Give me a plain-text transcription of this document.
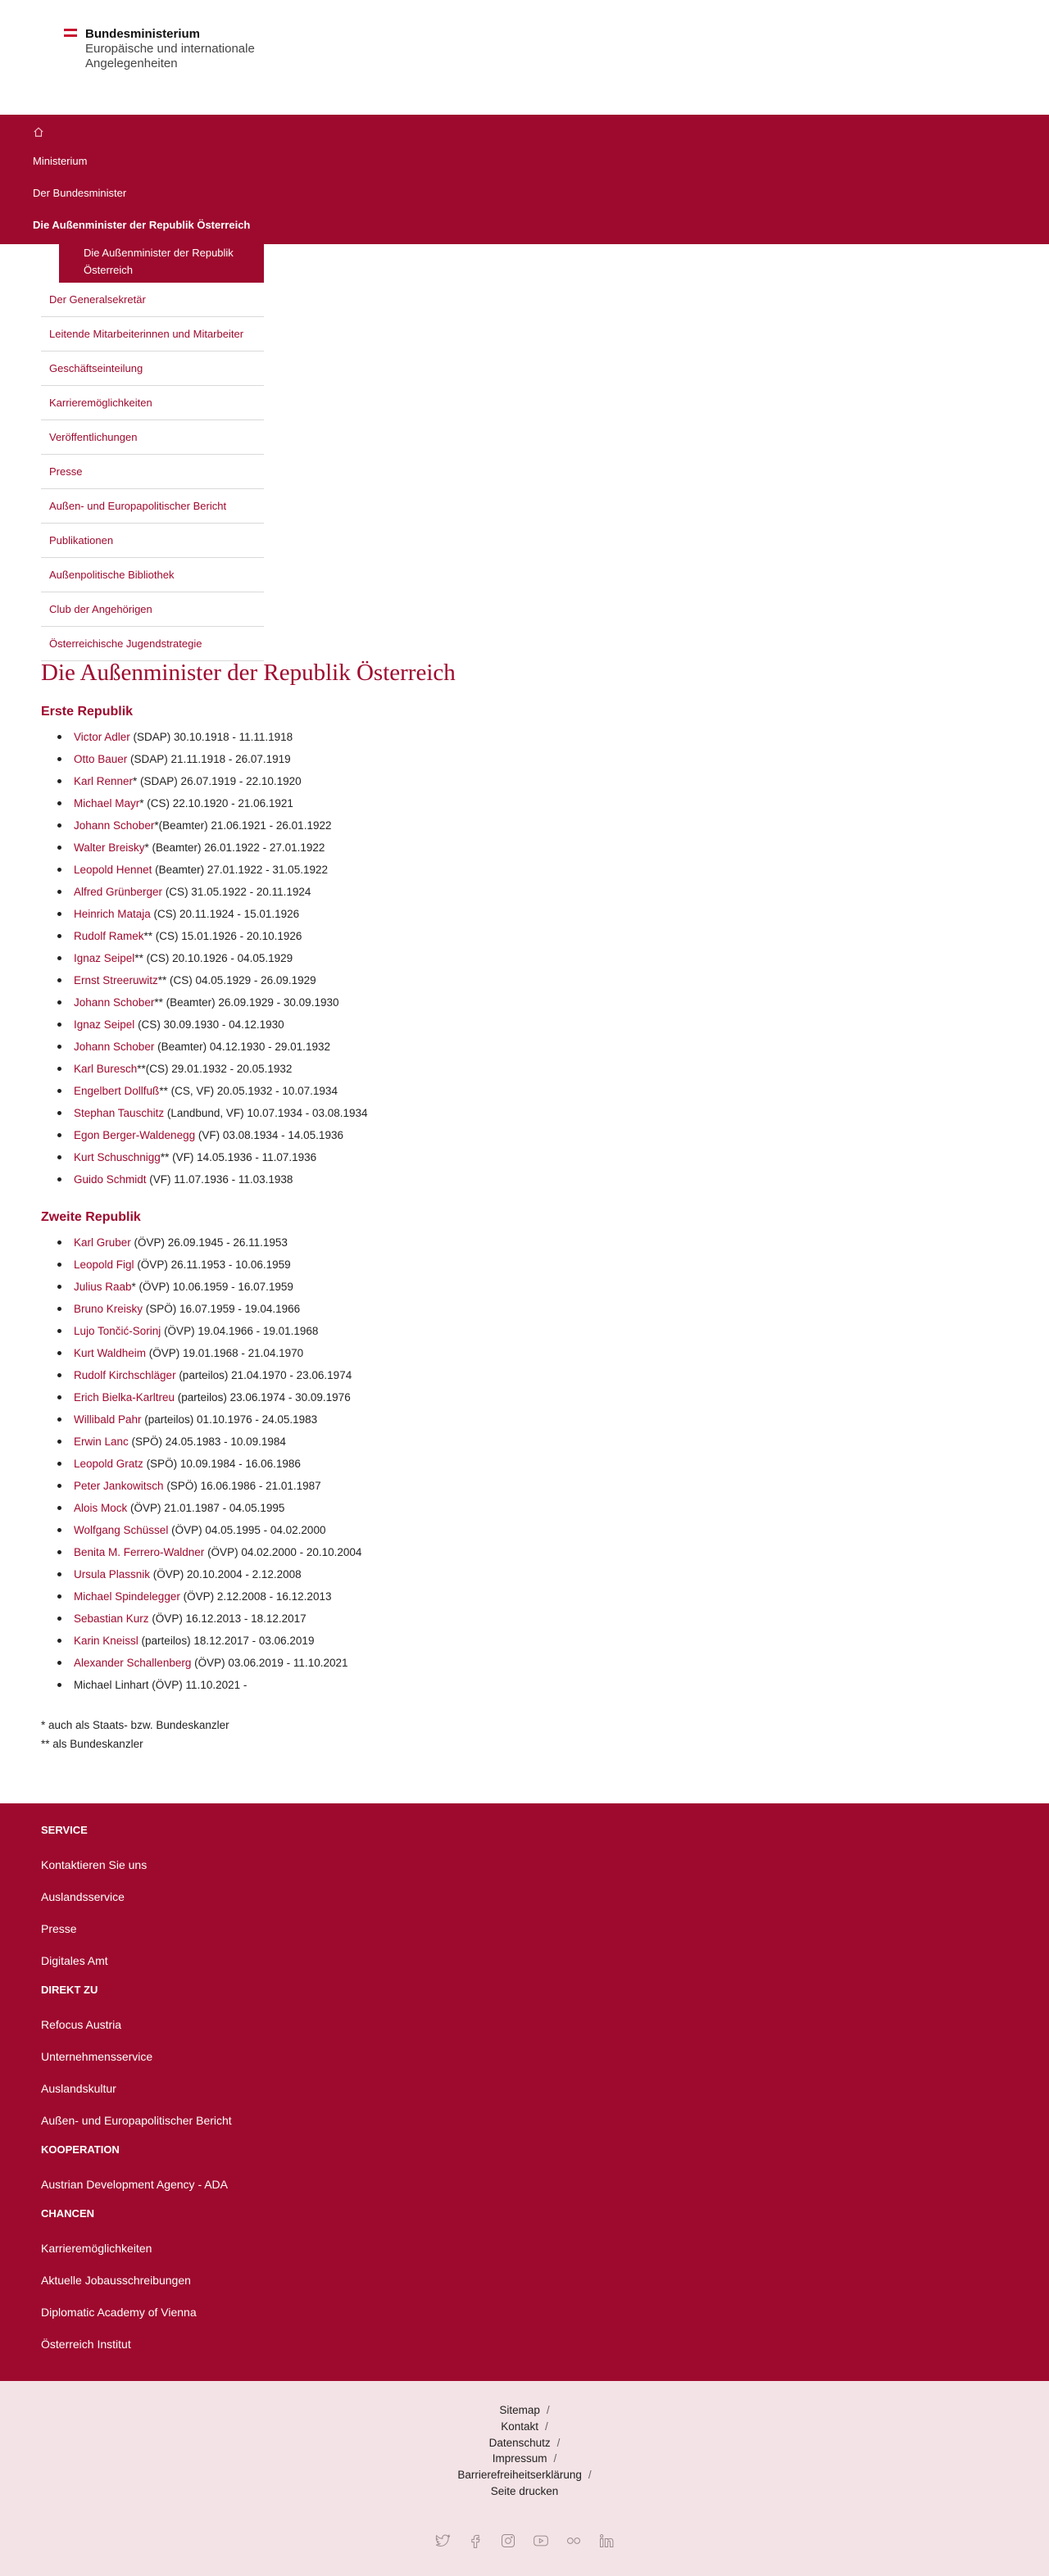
Bundesministerium
Europäische und internationale
Angelegenheiten
Ministerium
Der Bundesminister
Die Außenminister der Republik Österreich
Die Außenminister der Republik Österreich
Der Generalsekretär
Leitende Mitarbeiterinnen und Mitarbeiter
Geschäftseinteilung
Karrieremöglichkeiten
Veröffentlichungen
Presse
Außen- und Europapolitischer Bericht
Publikationen
Außenpolitische Bibliothek
Club der Angehörigen
Österreichische Jugendstrategie
Die Außenminister der Republik Österreich
Erste Republik
Victor Adler (SDAP) 30.10.1918 - 11.11.1918
Otto Bauer (SDAP) 21.11.1918 - 26.07.1919
Karl Renner* (SDAP) 26.07.1919 - 22.10.1920
Michael Mayr* (CS) 22.10.1920 - 21.06.1921
Johann Schober*(Beamter) 21.06.1921 - 26.01.1922
Walter Breisky* (Beamter) 26.01.1922 - 27.01.1922
Leopold Hennet (Beamter) 27.01.1922 - 31.05.1922
Alfred Grünberger (CS) 31.05.1922 - 20.11.1924
Heinrich Mataja (CS) 20.11.1924 - 15.01.1926
Rudolf Ramek** (CS) 15.01.1926 - 20.10.1926
Ignaz Seipel** (CS) 20.10.1926 - 04.05.1929
Ernst Streeruwitz** (CS) 04.05.1929 - 26.09.1929
Johann Schober** (Beamter) 26.09.1929 - 30.09.1930
Ignaz Seipel (CS) 30.09.1930 - 04.12.1930
Johann Schober (Beamter) 04.12.1930 - 29.01.1932
Karl Buresch**(CS) 29.01.1932 - 20.05.1932
Engelbert Dollfuß** (CS, VF) 20.05.1932 - 10.07.1934
Stephan Tauschitz (Landbund, VF) 10.07.1934 - 03.08.1934
Egon Berger-Waldenegg (VF) 03.08.1934 - 14.05.1936
Kurt Schuschnigg** (VF) 14.05.1936 - 11.07.1936
Guido Schmidt (VF) 11.07.1936 - 11.03.1938
Zweite Republik
Karl Gruber (ÖVP) 26.09.1945 - 26.11.1953
Leopold Figl (ÖVP) 26.11.1953 - 10.06.1959
Julius Raab* (ÖVP) 10.06.1959 - 16.07.1959
Bruno Kreisky (SPÖ) 16.07.1959 - 19.04.1966
Lujo Tončić-Sorinj (ÖVP) 19.04.1966 - 19.01.1968
Kurt Waldheim (ÖVP) 19.01.1968 - 21.04.1970
Rudolf Kirchschläger (parteilos) 21.04.1970 - 23.06.1974
Erich Bielka-Karltreu (parteilos) 23.06.1974 - 30.09.1976
Willibald Pahr (parteilos) 01.10.1976 - 24.05.1983
Erwin Lanc (SPÖ) 24.05.1983 - 10.09.1984
Leopold Gratz (SPÖ) 10.09.1984 - 16.06.1986
Peter Jankowitsch (SPÖ) 16.06.1986 - 21.01.1987
Alois Mock (ÖVP) 21.01.1987 - 04.05.1995
Wolfgang Schüssel (ÖVP) 04.05.1995 - 04.02.2000
Benita M. Ferrero-Waldner (ÖVP) 04.02.2000 - 20.10.2004
Ursula Plassnik (ÖVP) 20.10.2004 - 2.12.2008
Michael Spindelegger (ÖVP) 2.12.2008 - 16.12.2013
Sebastian Kurz (ÖVP) 16.12.2013 - 18.12.2017
Karin Kneissl (parteilos) 18.12.2017 - 03.06.2019
Alexander Schallenberg (ÖVP) 03.06.2019 - 11.10.2021
Michael Linhart (ÖVP) 11.10.2021 -
* auch als Staats- bzw. Bundeskanzler
** als Bundeskanzler
SERVICE
Kontaktieren Sie uns
Auslandsservice
Presse
Digitales Amt
DIREKT ZU
Refocus Austria
Unternehmensservice
Auslandskultur
Außen- und Europapolitischer Bericht
KOOPERATION
Austrian Development Agency - ADA
CHANCEN
Karrieremöglichkeiten
Aktuelle Jobausschreibungen
Diplomatic Academy of Vienna
Österreich Institut
Sitemap /
Kontakt /
Datenschutz /
Impressum /
Barrierefreiheitserklärung /
Seite drucken
